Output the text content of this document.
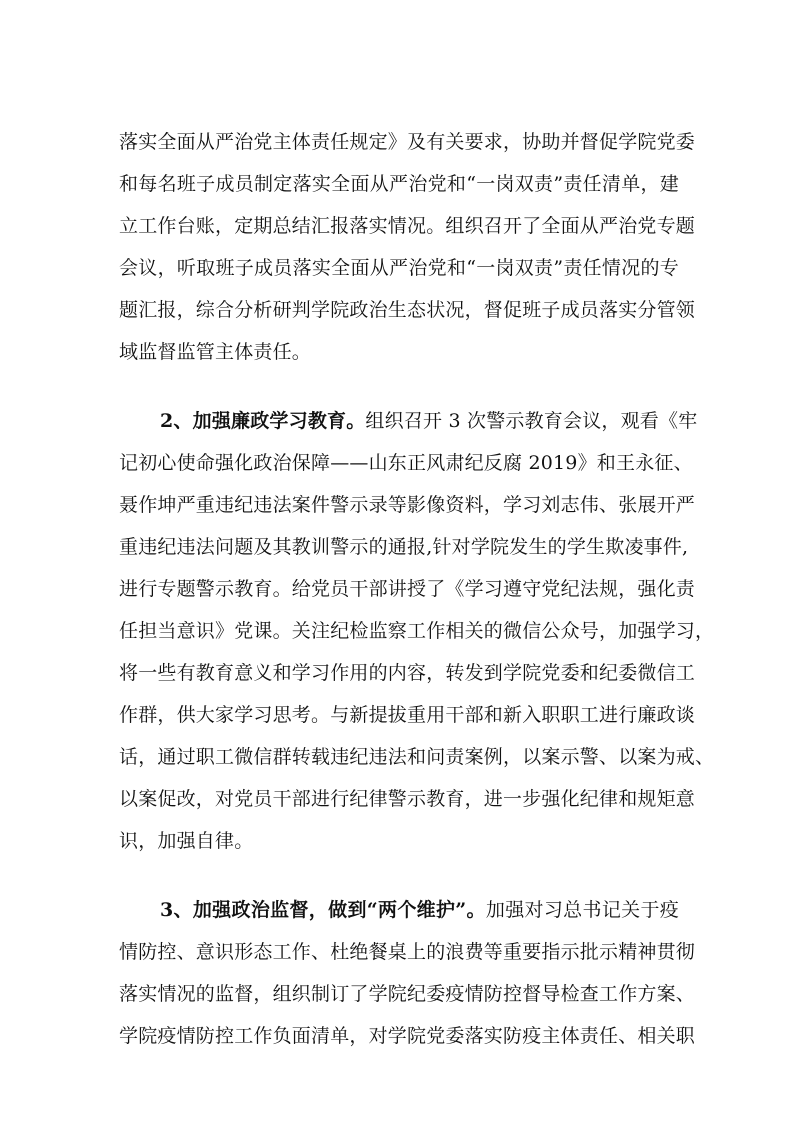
落实全面从严治党主体责任规定》及有关要求，协助并督促学院党委
和每名班子成员制定落实全面从严治党和“一岗双责”责任清单，建
立工作台账，定期总结汇报落实情况。组织召开了全面从严治党专题
会议，听取班子成员落实全面从严治党和“一岗双责”责任情况的专
题汇报，综合分析研判学院政治生态状况，督促班子成员落实分管领
域监督监管主体责任。
2、加强廉政学习教育。组织召开 3 次警示教育会议，观看《牢
记初心使命强化政治保障——山东正风肃纪反腐 2019》和王永征、
聂作坤严重违纪违法案件警示录等影像资料，学习刘志伟、张展开严
重违纪违法问题及其教训警示的通报,针对学院发生的学生欺凌事件,
进行专题警示教育。给党员干部讲授了《学习遵守党纪法规，强化责
任担当意识》党课。关注纪检监察工作相关的微信公众号，加强学习，
将一些有教育意义和学习作用的内容，转发到学院党委和纪委微信工
作群，供大家学习思考。与新提拔重用干部和新入职职工进行廉政谈
话，通过职工微信群转载违纪违法和问责案例，以案示警、以案为戒、
以案促改，对党员干部进行纪律警示教育，进一步强化纪律和规矩意
识，加强自律。
3、加强政治监督，做到“两个维护”。加强对习总书记关于疫
情防控、意识形态工作、杜绝餐桌上的浪费等重要指示批示精神贯彻
落实情况的监督，组织制订了学院纪委疫情防控督导检查工作方案、
学院疫情防控工作负面清单，对学院党委落实防疫主体责任、相关职
